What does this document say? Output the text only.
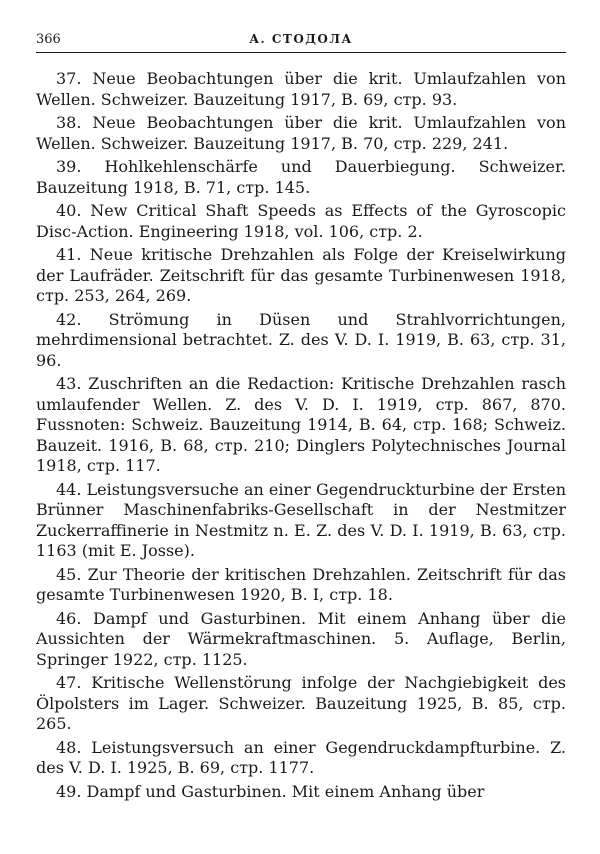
366	А. СТОДОЛА

37. Neue Beobachtungen über die krit. Umlaufzahlen von Wellen. Schweizer. Bauzeitung 1917, B. 69, стр. 93.

38. Neue Beobachtungen über die krit. Umlaufzahlen von Wellen. Schweizer. Bauzeitung 1917, B. 70, стр. 229, 241.

39. Hohlkehlenschärfe und Dauerbiegung. Schweizer. Bauzeitung 1918, B. 71, стр. 145.

40. New Critical Shaft Speeds as Effects of the Gyroscopic Disc-Action. Engineering 1918, vol. 106, стр. 2.

41. Neue kritische Drehzahlen als Folge der Kreiselwirkung der Laufräder. Zeitschrift für das gesamte Turbinenwesen 1918, стр. 253, 264, 269.

42. Strömung in Düsen und Strahlvorrichtungen, mehrdimensional betrachtet. Z. des V. D. I. 1919, B. 63, стр. 31, 96.

43. Zuschriften an die Redaction: Kritische Drehzahlen rasch umlaufender Wellen. Z. des V. D. I. 1919, стр. 867, 870. Fussnoten: Schweiz. Bauzeitung 1914, B. 64, стр. 168; Schweiz. Bauzeit. 1916, B. 68, стр. 210; Dinglers Polytechnisches Journal 1918, стр. 117.

44. Leistungsversuche an einer Gegendruckturbine der Ersten Brünner Maschinenfabriks-Gesellschaft in der Nestmitzer Zuckerraffinerie in Nestmitz n. E. Z. des V. D. I. 1919, B. 63, стр. 1163 (mit E. Josse).

45. Zur Theorie der kritischen Drehzahlen. Zeitschrift für das gesamte Turbinenwesen 1920, B. I, стр. 18.

46. Dampf und Gasturbinen. Mit einem Anhang über die Aussichten der Wärmekraftmaschinen. 5. Auflage, Berlin, Springer 1922, стр. 1125.

47. Kritische Wellenstörung infolge der Nachgiebigkeit des Ölpolsters im Lager. Schweizer. Bauzeitung 1925, B. 85, стр. 265.

48. Leistungsversuch an einer Gegendruckdampfturbine. Z. des V. D. I. 1925, B. 69, стр. 1177.

49. Dampf und Gasturbinen. Mit einem Anhang über
